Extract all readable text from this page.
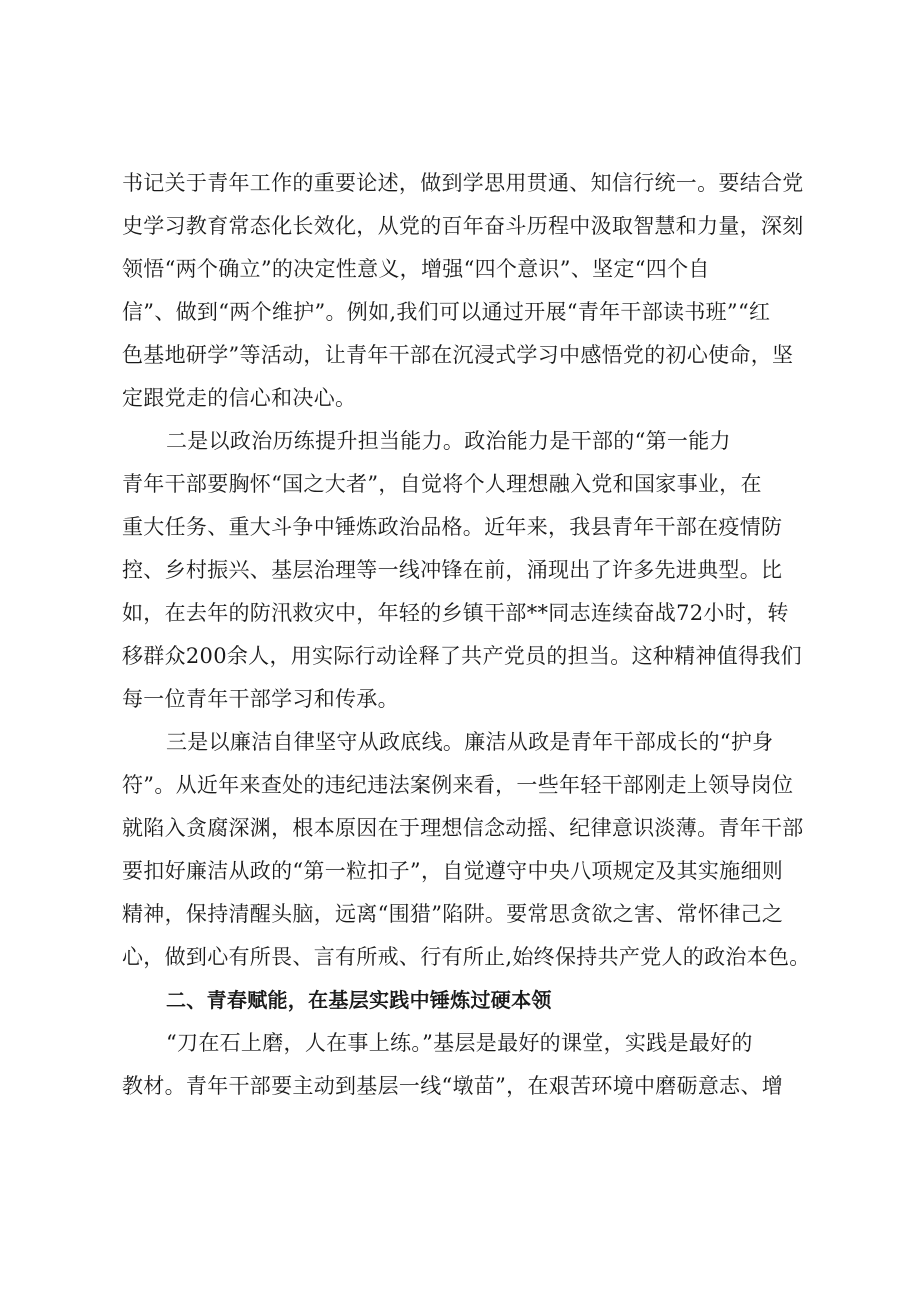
书记关于青年工作的重要论述，做到学思用贯通、知信行统一。要结合党
史学习教育常态化长效化，从党的百年奋斗历程中汲取智慧和力量，深刻
领悟“两个确立”的决定性意义，增强“四个意识”、坚定“四个自
信”、做到“两个维护”。例如,我们可以通过开展“青年干部读书班”“红
色基地研学”等活动，让青年干部在沉浸式学习中感悟党的初心使命，坚
定跟党走的信心和决心。
二是以政治历练提升担当能力。政治能力是干部的“第一能力
青年干部要胸怀“国之大者”，自觉将个人理想融入党和国家事业，在
重大任务、重大斗争中锤炼政治品格。近年来，我县青年干部在疫情防
控、乡村振兴、基层治理等一线冲锋在前，涌现出了许多先进典型。比
如，在去年的防汛救灾中，年轻的乡镇干部**同志连续奋战72小时，转
移群众200余人，用实际行动诠释了共产党员的担当。这种精神值得我们
每一位青年干部学习和传承。
三是以廉洁自律坚守从政底线。廉洁从政是青年干部成长的“护身
符”。从近年来查处的违纪违法案例来看，一些年轻干部刚走上领导岗位
就陷入贪腐深渊，根本原因在于理想信念动摇、纪律意识淡薄。青年干部
要扣好廉洁从政的“第一粒扣子”，自觉遵守中央八项规定及其实施细则
精神，保持清醒头脑，远离“围猎”陷阱。要常思贪欲之害、常怀律己之
心，做到心有所畏、言有所戒、行有所止,始终保持共产党人的政治本色。
二、青春赋能，在基层实践中锤炼过硬本领
“刀在石上磨，人在事上练。”基层是最好的课堂，实践是最好的
教材。青年干部要主动到基层一线“墩苗”，在艰苦环境中磨砺意志、增
